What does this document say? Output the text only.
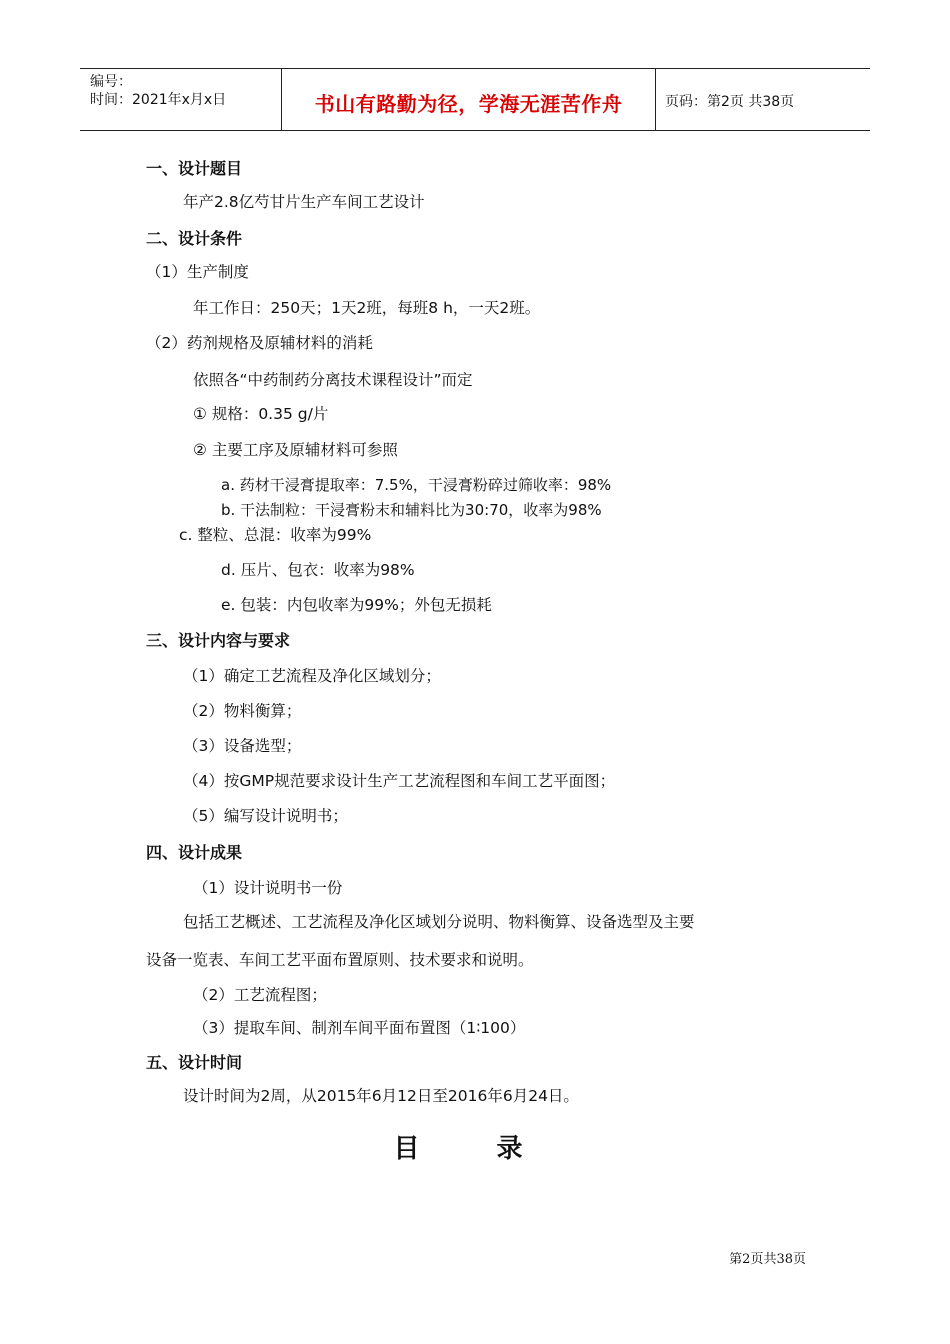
编号：
时间：2021年x月x日	书山有路勤为径，学海无涯苦作舟	页码：第2页 共38页
一、设计题目
年产2.8亿芍甘片生产车间工艺设计
二、设计条件
（1）生产制度
年工作日：250天；1天2班，每班8 h，一天2班。
（2）药剂规格及原辅材料的消耗
依照各“中药制药分离技术课程设计”而定
① 规格：0.35 g/片
② 主要工序及原辅材料可参照
a. 药材干浸膏提取率：7.5%，干浸膏粉碎过筛收率：98%
b. 干法制粒：干浸膏粉末和辅料比为30:70，收率为98%
c. 整粒、总混：收率为99%
d. 压片、包衣：收率为98%
e. 包装：内包收率为99%；外包无损耗
三、设计内容与要求
（1）确定工艺流程及净化区域划分；
（2）物料衡算；
（3）设备选型；
（4）按GMP规范要求设计生产工艺流程图和车间工艺平面图；
（5）编写设计说明书；
四、设计成果
（1）设计说明书一份
包括工艺概述、工艺流程及净化区域划分说明、物料衡算、设备选型及主要
设备一览表、车间工艺平面布置原则、技术要求和说明。
（2）工艺流程图；
（3）提取车间、制剂车间平面布置图（1∶100）
五、设计时间
设计时间为2周，从2015年6月12日至2016年6月24日。
目 录
第2页共38页
